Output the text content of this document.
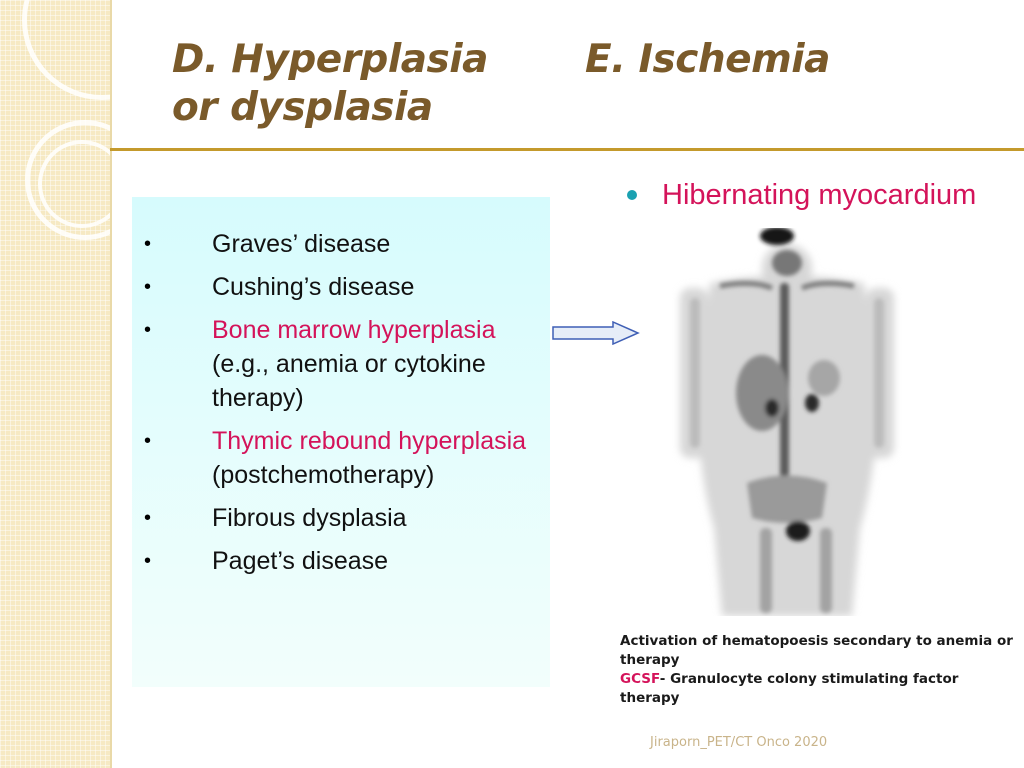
D. Hyperplasia
or dysplasia
E. Ischemia
• Graves’ disease
• Cushing’s disease
• Bone marrow hyperplasia
(e.g., anemia or cytokine therapy)
• Thymic rebound hyperplasia
(postchemotherapy)
• Fibrous dysplasia
• Paget’s disease
Hibernating myocardium
Activation of hematopoesis secondary to anemia or therapy
GCSF- Granulocyte colony stimulating factor therapy
Jiraporn_PET/CT Onco 2020
